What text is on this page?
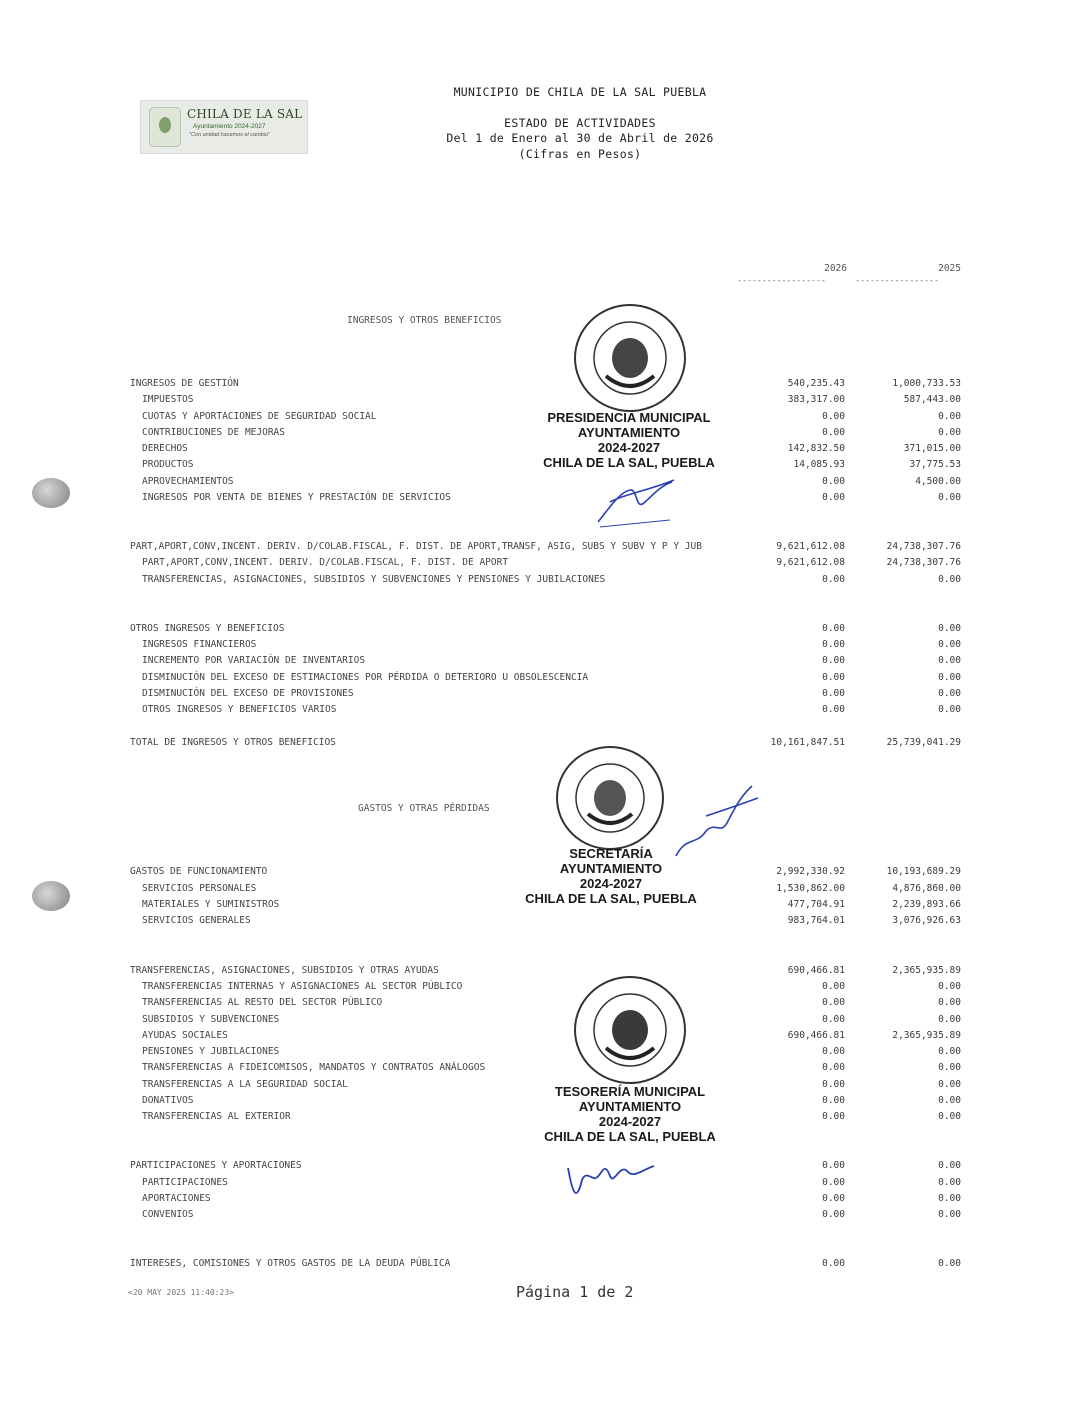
MUNICIPIO DE CHILA DE LA SAL PUEBLA
ESTADO DE ACTIVIDADES
Del 1 de Enero al 30 de Abril de 2026
(Cifras en Pesos)
CHILA DE LA SAL
Ayuntamiento 2024-2027
"Con unidad hacemos el cambio"
2026	2025
------------------	-----------------
INGRESOS Y OTROS BENEFICIOS
GASTOS Y OTRAS PÉRDIDAS
INGRESOS DE GESTIÓN	540,235.43	1,000,733.53
IMPUESTOS	383,317.00	587,443.00
CUOTAS Y APORTACIONES DE SEGURIDAD SOCIAL	0.00	0.00
CONTRIBUCIONES DE MEJORAS	0.00	0.00
DERECHOS	142,832.50	371,015.00
PRODUCTOS	14,085.93	37,775.53
APROVECHAMIENTOS	0.00	4,500.00
INGRESOS POR VENTA DE BIENES Y PRESTACIÓN DE SERVICIOS	0.00	0.00
PART,APORT,CONV,INCENT. DERIV. D/COLAB.FISCAL, F. DIST. DE APORT,TRANSF, ASIG, SUBS Y SUBV Y P Y JUB	9,621,612.08	24,738,307.76
PART,APORT,CONV,INCENT. DERIV. D/COLAB.FISCAL, F. DIST. DE APORT	9,621,612.08	24,738,307.76
TRANSFERENCIAS, ASIGNACIONES, SUBSIDIOS Y SUBVENCIONES Y PENSIONES Y JUBILACIONES	0.00	0.00
OTROS INGRESOS Y BENEFICIOS	0.00	0.00
INGRESOS FINANCIEROS	0.00	0.00
INCREMENTO POR VARIACIÓN DE INVENTARIOS	0.00	0.00
DISMINUCIÓN DEL EXCESO DE ESTIMACIONES POR PÉRDIDA O DETERIORO U OBSOLESCENCIA	0.00	0.00
DISMINUCIÓN DEL EXCESO DE PROVISIONES	0.00	0.00
OTROS INGRESOS Y BENEFICIOS VARIOS	0.00	0.00
TOTAL DE INGRESOS Y OTROS BENEFICIOS	10,161,847.51	25,739,041.29
GASTOS DE FUNCIONAMIENTO	2,992,330.92	10,193,689.29
SERVICIOS PERSONALES	1,530,862.00	4,876,860.00
MATERIALES Y SUMINISTROS	477,704.91	2,239,893.66
SERVICIOS GENERALES	983,764.01	3,076,926.63
TRANSFERENCIAS, ASIGNACIONES, SUBSIDIOS Y OTRAS AYUDAS	690,466.81	2,365,935.89
TRANSFERENCIAS INTERNAS Y ASIGNACIONES AL SECTOR PÚBLICO	0.00	0.00
TRANSFERENCIAS AL RESTO DEL SECTOR PÚBLICO	0.00	0.00
SUBSIDIOS Y SUBVENCIONES	0.00	0.00
AYUDAS SOCIALES	690,466.81	2,365,935.89
PENSIONES Y JUBILACIONES	0.00	0.00
TRANSFERENCIAS A FIDEICOMISOS, MANDATOS Y CONTRATOS ANÁLOGOS	0.00	0.00
TRANSFERENCIAS A LA SEGURIDAD SOCIAL	0.00	0.00
DONATIVOS	0.00	0.00
TRANSFERENCIAS AL EXTERIOR	0.00	0.00
PARTICIPACIONES Y APORTACIONES	0.00	0.00
PARTICIPACIONES	0.00	0.00
APORTACIONES	0.00	0.00
CONVENIOS	0.00	0.00
INTERESES, COMISIONES Y OTROS GASTOS DE LA DEUDA PÚBLICA	0.00	0.00
PRESIDENCIA MUNICIPAL
AYUNTAMIENTO
2024-2027
CHILA DE LA SAL, PUEBLA
SECRETARÍA
AYUNTAMIENTO
2024-2027
CHILA DE LA SAL, PUEBLA
TESORERÍA MUNICIPAL
AYUNTAMIENTO
2024-2027
CHILA DE LA SAL, PUEBLA
<20 MAY 2025 11:40:23>	Página 1 de 2
